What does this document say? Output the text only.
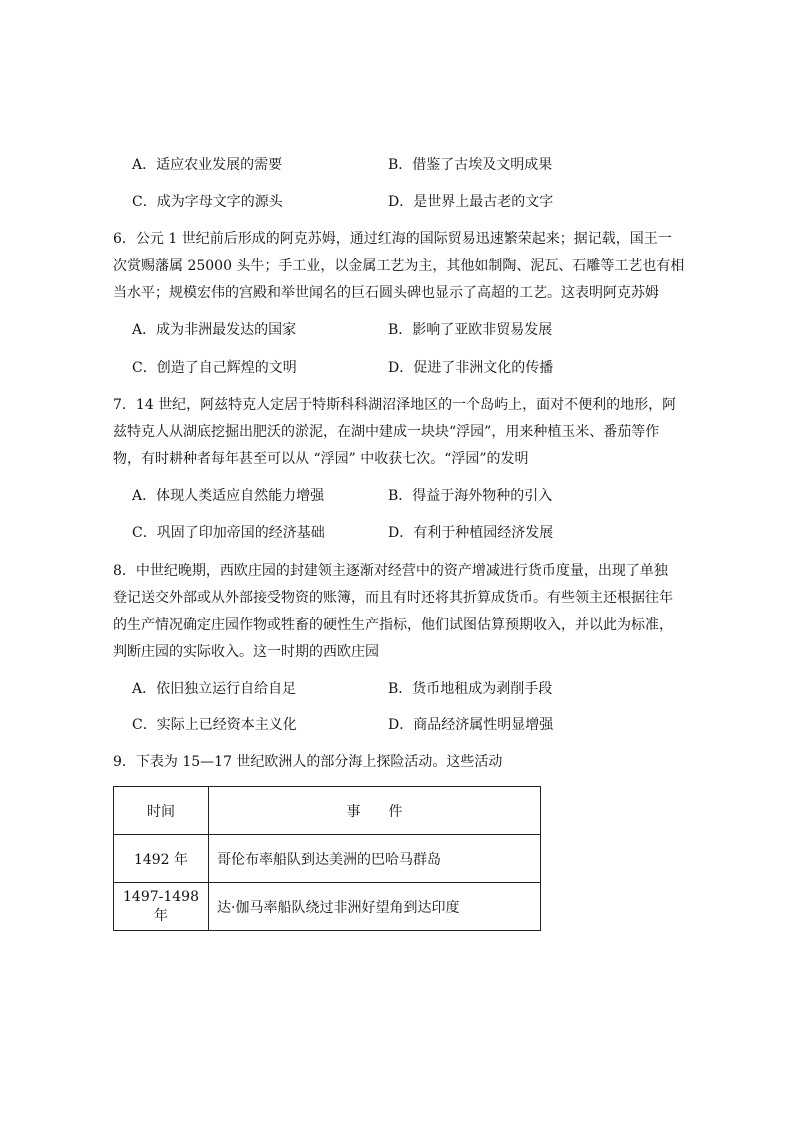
A．适应农业发展的需要	B．借鉴了古埃及文明成果
C．成为字母文字的源头	D．是世界上最古老的文字
6．公元 1 世纪前后形成的阿克苏姆，通过红海的国际贸易迅速繁荣起来；据记载，国王一
次赏赐藩属 25000 头牛；手工业，以金属工艺为主，其他如制陶、泥瓦、石雕等工艺也有相
当水平；规模宏伟的宫殿和举世闻名的巨石圆头碑也显示了高超的工艺。这表明阿克苏姆
A．成为非洲最发达的国家	B．影响了亚欧非贸易发展
C．创造了自己辉煌的文明	D．促进了非洲文化的传播
7．14 世纪，阿兹特克人定居于特斯科科湖沼泽地区的一个岛屿上，面对不便利的地形，阿
兹特克人从湖底挖掘出肥沃的淤泥，在湖中建成一块块“浮园”，用来种植玉米、番茄等作
物，有时耕种者每年甚至可以从 “浮园” 中收获七次。“浮园”的发明
A．体现人类适应自然能力增强	B．得益于海外物种的引入
C．巩固了印加帝国的经济基础	D．有利于种植园经济发展
8．中世纪晚期，西欧庄园的封建领主逐渐对经营中的资产增减进行货币度量，出现了单独
登记送交外部或从外部接受物资的账簿，而且有时还将其折算成货币。有些领主还根据往年
的生产情况确定庄园作物或牲畜的硬性生产指标，他们试图估算预期收入，并以此为标准，
判断庄园的实际收入。这一时期的西欧庄园
A．依旧独立运行自给自足	B．货币地租成为剥削手段
C．实际上已经资本主义化	D．商品经济属性明显增强
9．下表为 15—17 世纪欧洲人的部分海上探险活动。这些活动
时间	事　　件
1492 年	哥伦布率船队到达美洲的巴哈马群岛
1497-1498 年	达·伽马率船队绕过非洲好望角到达印度
